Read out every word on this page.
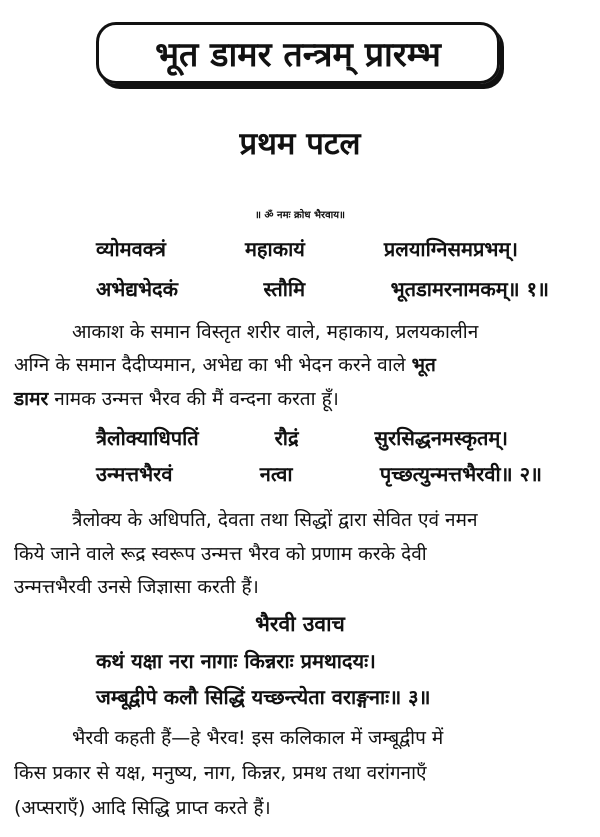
भूत डामर तन्त्रम् प्रारम्भ
प्रथम पटल
॥ ॐ नमः क्रोध भैरवाय॥
व्योमवक्त्रं	महाकायं	प्रलयाग्निसमप्रभम्।
अभेद्यभेदकं	स्तौमि	भूतडामरनामकम्॥ १॥
आकाश के समान विस्तृत शरीर वाले, महाकाय, प्रलयकालीन
अग्नि के समान दैदीप्यमान, अभेद्य का भी भेदन करने वाले भूत
डामर नामक उन्मत्त भैरव की मैं वन्दना करता हूँ।
त्रैलोक्याधिपतिं	रौद्रं	सुरसिद्धनमस्कृतम्।
उन्मत्तभैरवं	नत्वा	पृच्छत्युन्मत्तभैरवी॥ २॥
त्रैलोक्य के अधिपति, देवता तथा सिद्धों द्वारा सेवित एवं नमन
किये जाने वाले रूद्र स्वरूप उन्मत्त भैरव को प्रणाम करके देवी
उन्मत्तभैरवी उनसे जिज्ञासा करती हैं।
भैरवी उवाच
कथं यक्षा नरा नागाः किन्नराः प्रमथादयः।
जम्बूद्वीपे कलौ सिद्धिं यच्छन्त्येता वराङ्गनाः॥ ३॥
भैरवी कहती हैं—हे भैरव! इस कलिकाल में जम्बूद्वीप में
किस प्रकार से यक्ष, मनुष्य, नाग, किन्नर, प्रमथ तथा वरांगनाएँ
(अप्सराएँ) आदि सिद्धि प्राप्त करते हैं।
